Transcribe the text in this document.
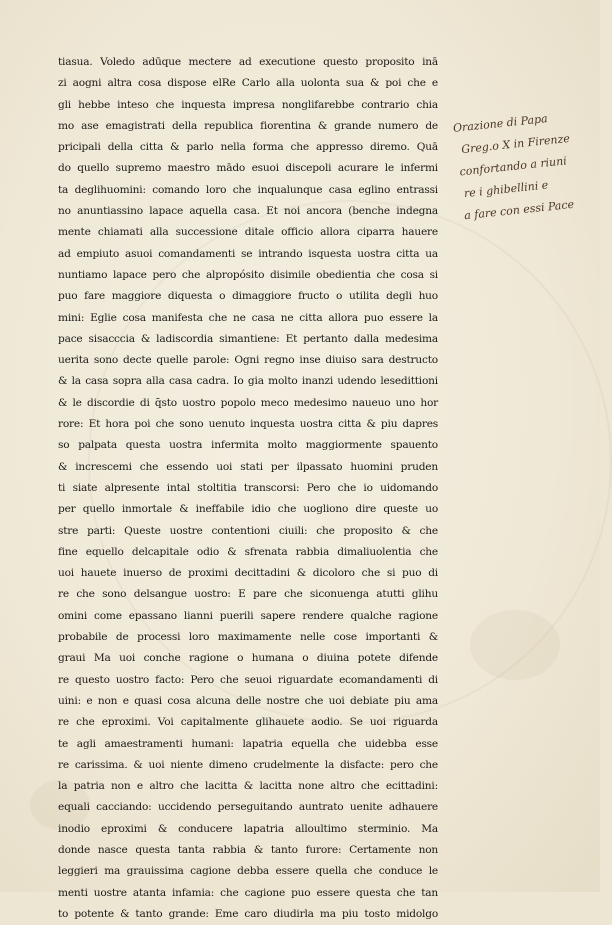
tiasua. Voledo adūque mectere ad executione questo proposito inā
zi aogni altra cosa dispose elRe Carlo alla uolonta sua & poi che e
gli hebbe inteso che inquesta impresa nonglifarebbe contrario chia
mo ase emagistrati della republica fiorentina & grande numero de
pricipali della citta & parlo nella forma che appresso diremo. Quā
do quello supremo maestro mādo esuoi discepoli acurare le infermi
ta deglihuomini: comando loro che inqualunque casa eglino entrassi
no anuntiassino lapace aquella casa. Et noi ancora (benche indegna
mente chiamati alla successione ditale officio allora ciparra hauere
ad empiuto asuoi comandamenti se intrando isquesta uostra citta ua
nuntiamo lapace pero che alpropósito disimile obedientia che cosa si
puo fare maggiore diquesta o dimaggiore fructo o utilita degli huo
mini: Eglie cosa manifesta che ne casa ne citta allora puo essere la
pace sisacccia & ladiscordia simantiene: Et pertanto dalla medesima
uerita sono decte quelle parole: Ogni regno inse diuiso sara destructo
& la casa sopra alla casa cadra. Io gia molto inanzi udendo lesedittioni
& le discordie di q̄sto uostro popolo meco medesimo naueuo uno hor
rore: Et hora poi che sono uenuto inquesta uostra citta & piu dapres
so palpata questa uostra infermita molto maggiormente spauento
& increscemi che essendo uoi stati per ilpassato huomini pruden
ti siate alpresente intal stoltitia transcorsi: Pero che io uidomando
per quello inmortale & ineffabile idio che uogliono dire queste uo
stre parti: Queste uostre contentioni ciuili: che proposito & che
fine equello delcapitale odio & sfrenata rabbia dimaliuolentia che
uoi hauete inuerso de proximi decittadini & dicoloro che si puo di
re che sono delsangue uostro: E pare che siconuenga atutti glihu
omini come epassano lianni puerili sapere rendere qualche ragione
probabile de processi loro maximamente nelle cose importanti &
graui Ma uoi conche ragione o humana o diuina potete difende
re questo uostro facto: Pero che seuoi riguardate ecomandamenti di
uini: e non e quasi cosa alcuna delle nostre che uoi debiate piu ama
re che eproximi. Voi capitalmente glihauete aodio. Se uoi riguarda
te agli amaestramenti humani: lapatria equella che uidebba esse
re carissima. & uoi niente dimeno crudelmente la disfacte: pero che
la patria non e altro che lacitta & lacitta none altro che ecittadini:
equali cacciando: uccidendo perseguitando auntrato uenite adhauere
inodio eproximi & conducere lapatria alloultimo sterminio. Ma
donde nasce questa tanta rabbia & tanto furore: Certamente non
leggieri ma grauissima cagione debba essere quella che conduce le
menti uostre atanta infamia: che cagione puo essere questa che tan
to potente & tanto grande: Eme caro diudirla ma piu tosto midolgo
Orazione di Papa
Greg.o X in Firenze
confortando a riuni
re i ghibellini e
a fare con essi Pace
